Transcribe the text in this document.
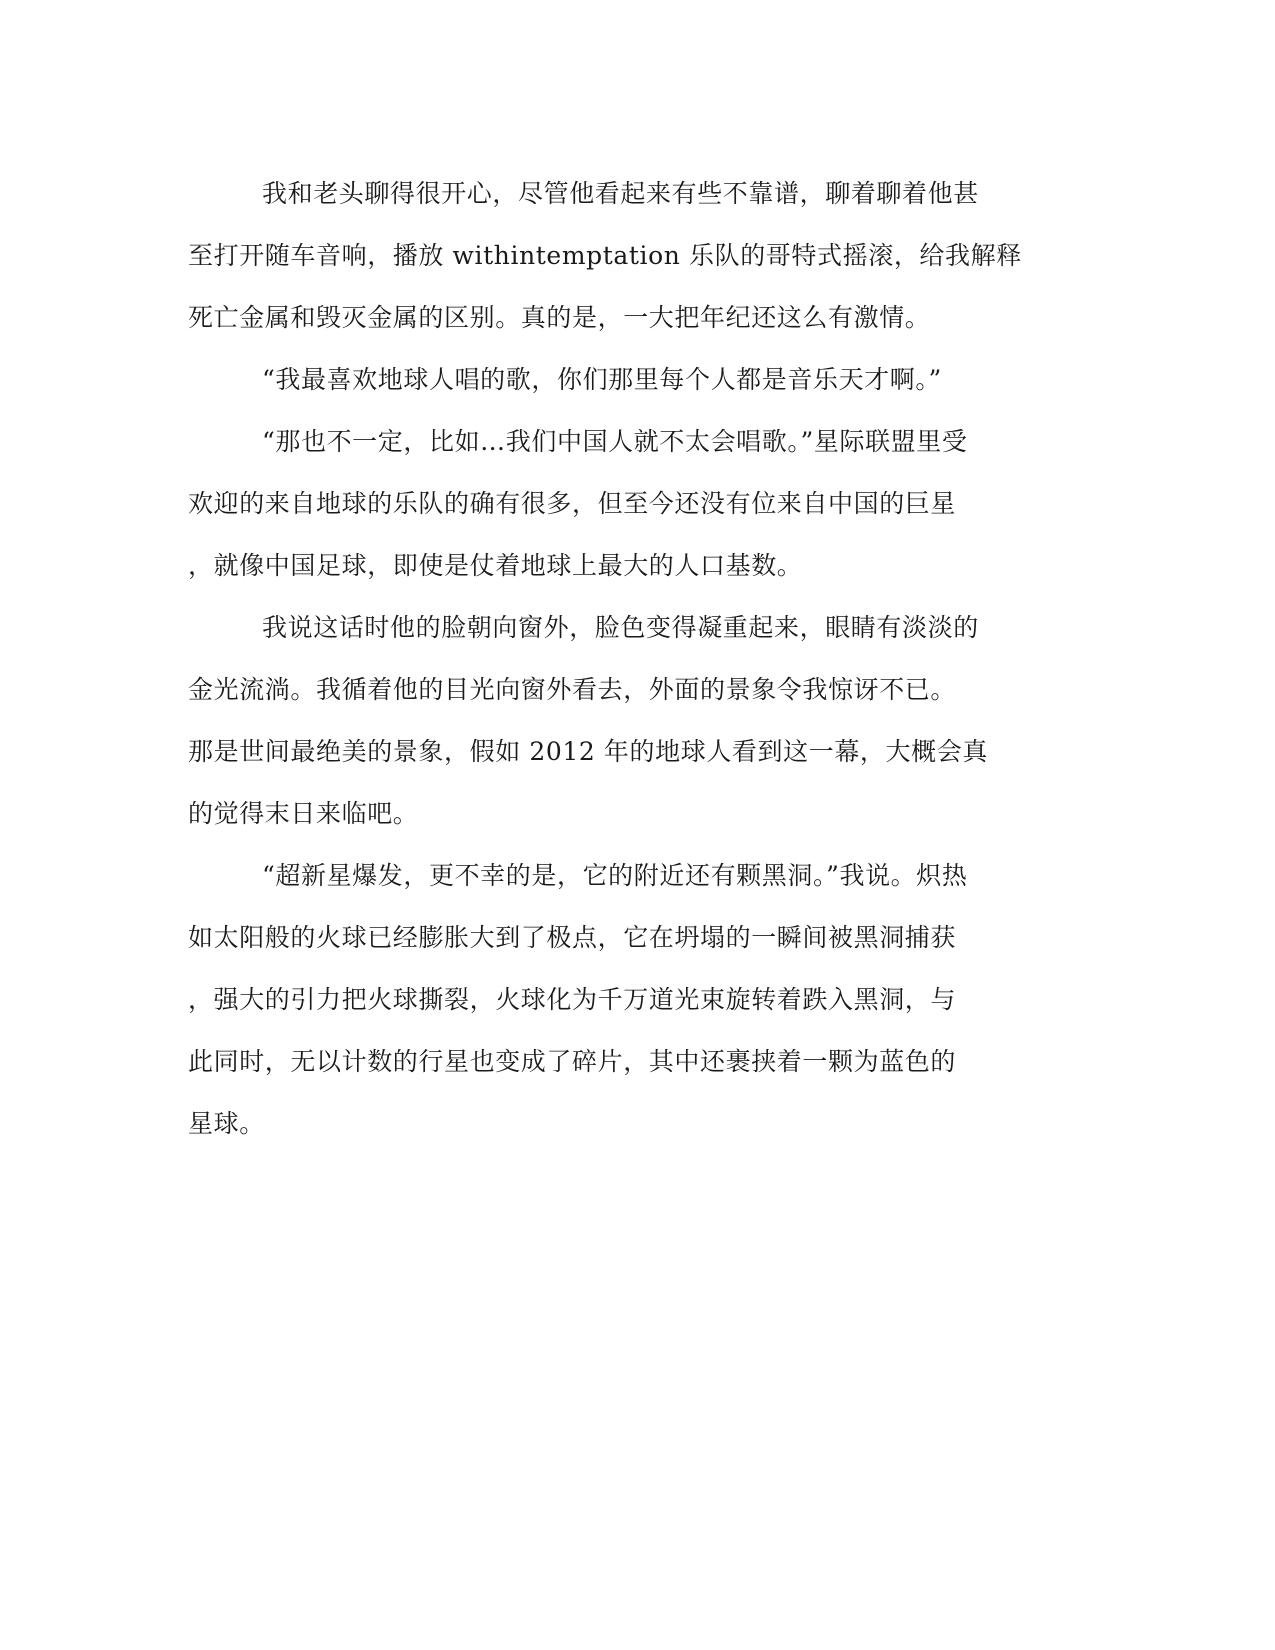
我和老头聊得很开心，尽管他看起来有些不靠谱，聊着聊着他甚
至打开随车音响，播放 withintemptation 乐队的哥特式摇滚，给我解释
死亡金属和毁灭金属的区别。真的是，一大把年纪还这么有激情。
“我最喜欢地球人唱的歌，你们那里每个人都是音乐天才啊。”
“那也不一定，比如…我们中国人就不太会唱歌。”星际联盟里受
欢迎的来自地球的乐队的确有很多，但至今还没有位来自中国的巨星
，就像中国足球，即使是仗着地球上最大的人口基数。
我说这话时他的脸朝向窗外，脸色变得凝重起来，眼睛有淡淡的
金光流淌。我循着他的目光向窗外看去，外面的景象令我惊讶不已。
那是世间最绝美的景象，假如 2012 年的地球人看到这一幕，大概会真
的觉得末日来临吧。
“超新星爆发，更不幸的是，它的附近还有颗黑洞。”我说。炽热
如太阳般的火球已经膨胀大到了极点，它在坍塌的一瞬间被黑洞捕获
，强大的引力把火球撕裂，火球化为千万道光束旋转着跌入黑洞，与
此同时，无以计数的行星也变成了碎片，其中还裹挟着一颗为蓝色的
星球。
